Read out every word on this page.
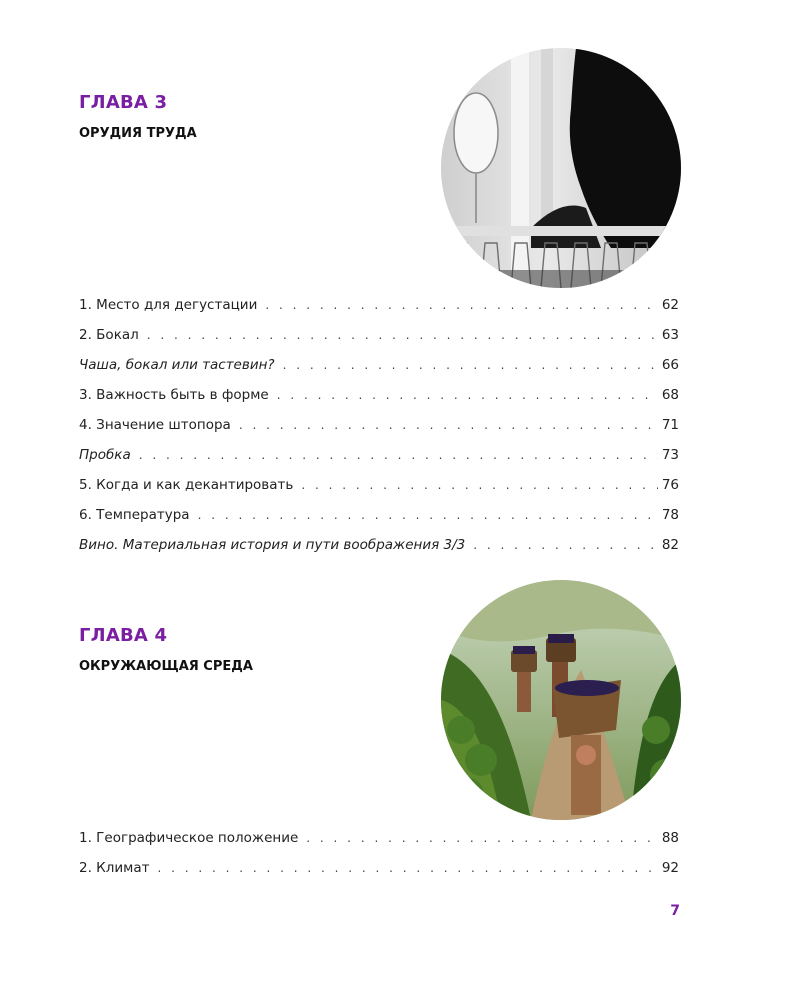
ГЛАВА 3
ОРУДИЯ ТРУДА
1. Место для дегустации . . .	62
2. Бокал . . .	63
Чаша, бокал или тастевин? . . .	66
3. Важность быть в форме . . .	68
4. Значение штопора . . .	71
Пробка . . .	73
5. Когда и как декантировать . . .	76
6. Температура . . .	78
Вино. Материальная история и пути воображения 3/3 . . .	82
ГЛАВА 4
ОКРУЖАЮЩАЯ СРЕДА
1. Географическое положение . . .	88
2. Климат . . .	92
7
